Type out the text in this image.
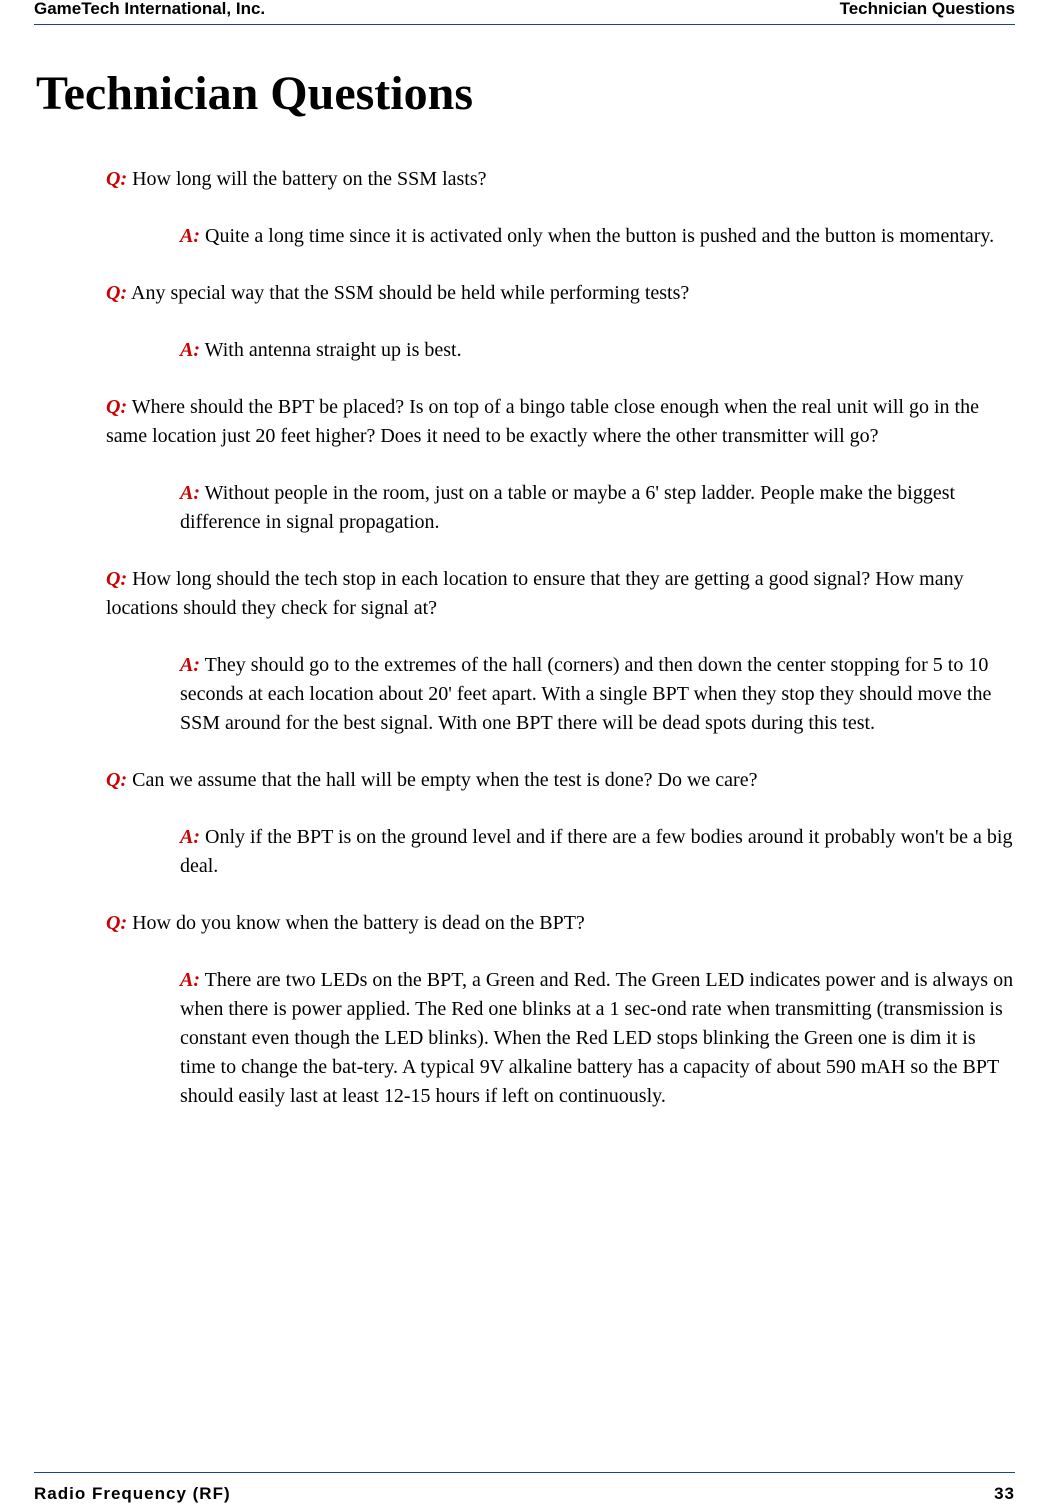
GameTech International, Inc.	Technician Questions
Technician Questions

Q: How long will the battery on the SSM lasts?

A: Quite a long time since it is activated only when the button is pushed and the button is momentary.

Q: Any special way that the SSM should be held while performing tests?

A: With antenna straight up is best.

Q: Where should the BPT be placed? Is on top of a bingo table close enough when the real unit will go in the same location just 20 feet higher? Does it need to be exactly where the other transmitter will go?

A: Without people in the room, just on a table or maybe a 6' step ladder. People make the biggest difference in signal propagation.

Q: How long should the tech stop in each location to ensure that they are getting a good signal? How many locations should they check for signal at?

A: They should go to the extremes of the hall (corners) and then down the center stopping for 5 to 10 seconds at each location about 20' feet apart. With a single BPT when they stop they should move the SSM around for the best signal. With one BPT there will be dead spots during this test.

Q: Can we assume that the hall will be empty when the test is done? Do we care?

A: Only if the BPT is on the ground level and if there are a few bodies around it probably won't be a big deal.

Q: How do you know when the battery is dead on the BPT?

A: There are two LEDs on the BPT, a Green and Red. The Green LED indicates power and is always on when there is power applied. The Red one blinks at a 1 sec-ond rate when transmitting (transmission is constant even though the LED blinks). When the Red LED stops blinking the Green one is dim it is time to change the bat-tery. A typical 9V alkaline battery has a capacity of about 590 mAH so the BPT should easily last at least 12-15 hours if left on continuously.

Radio Frequency (RF)	33
